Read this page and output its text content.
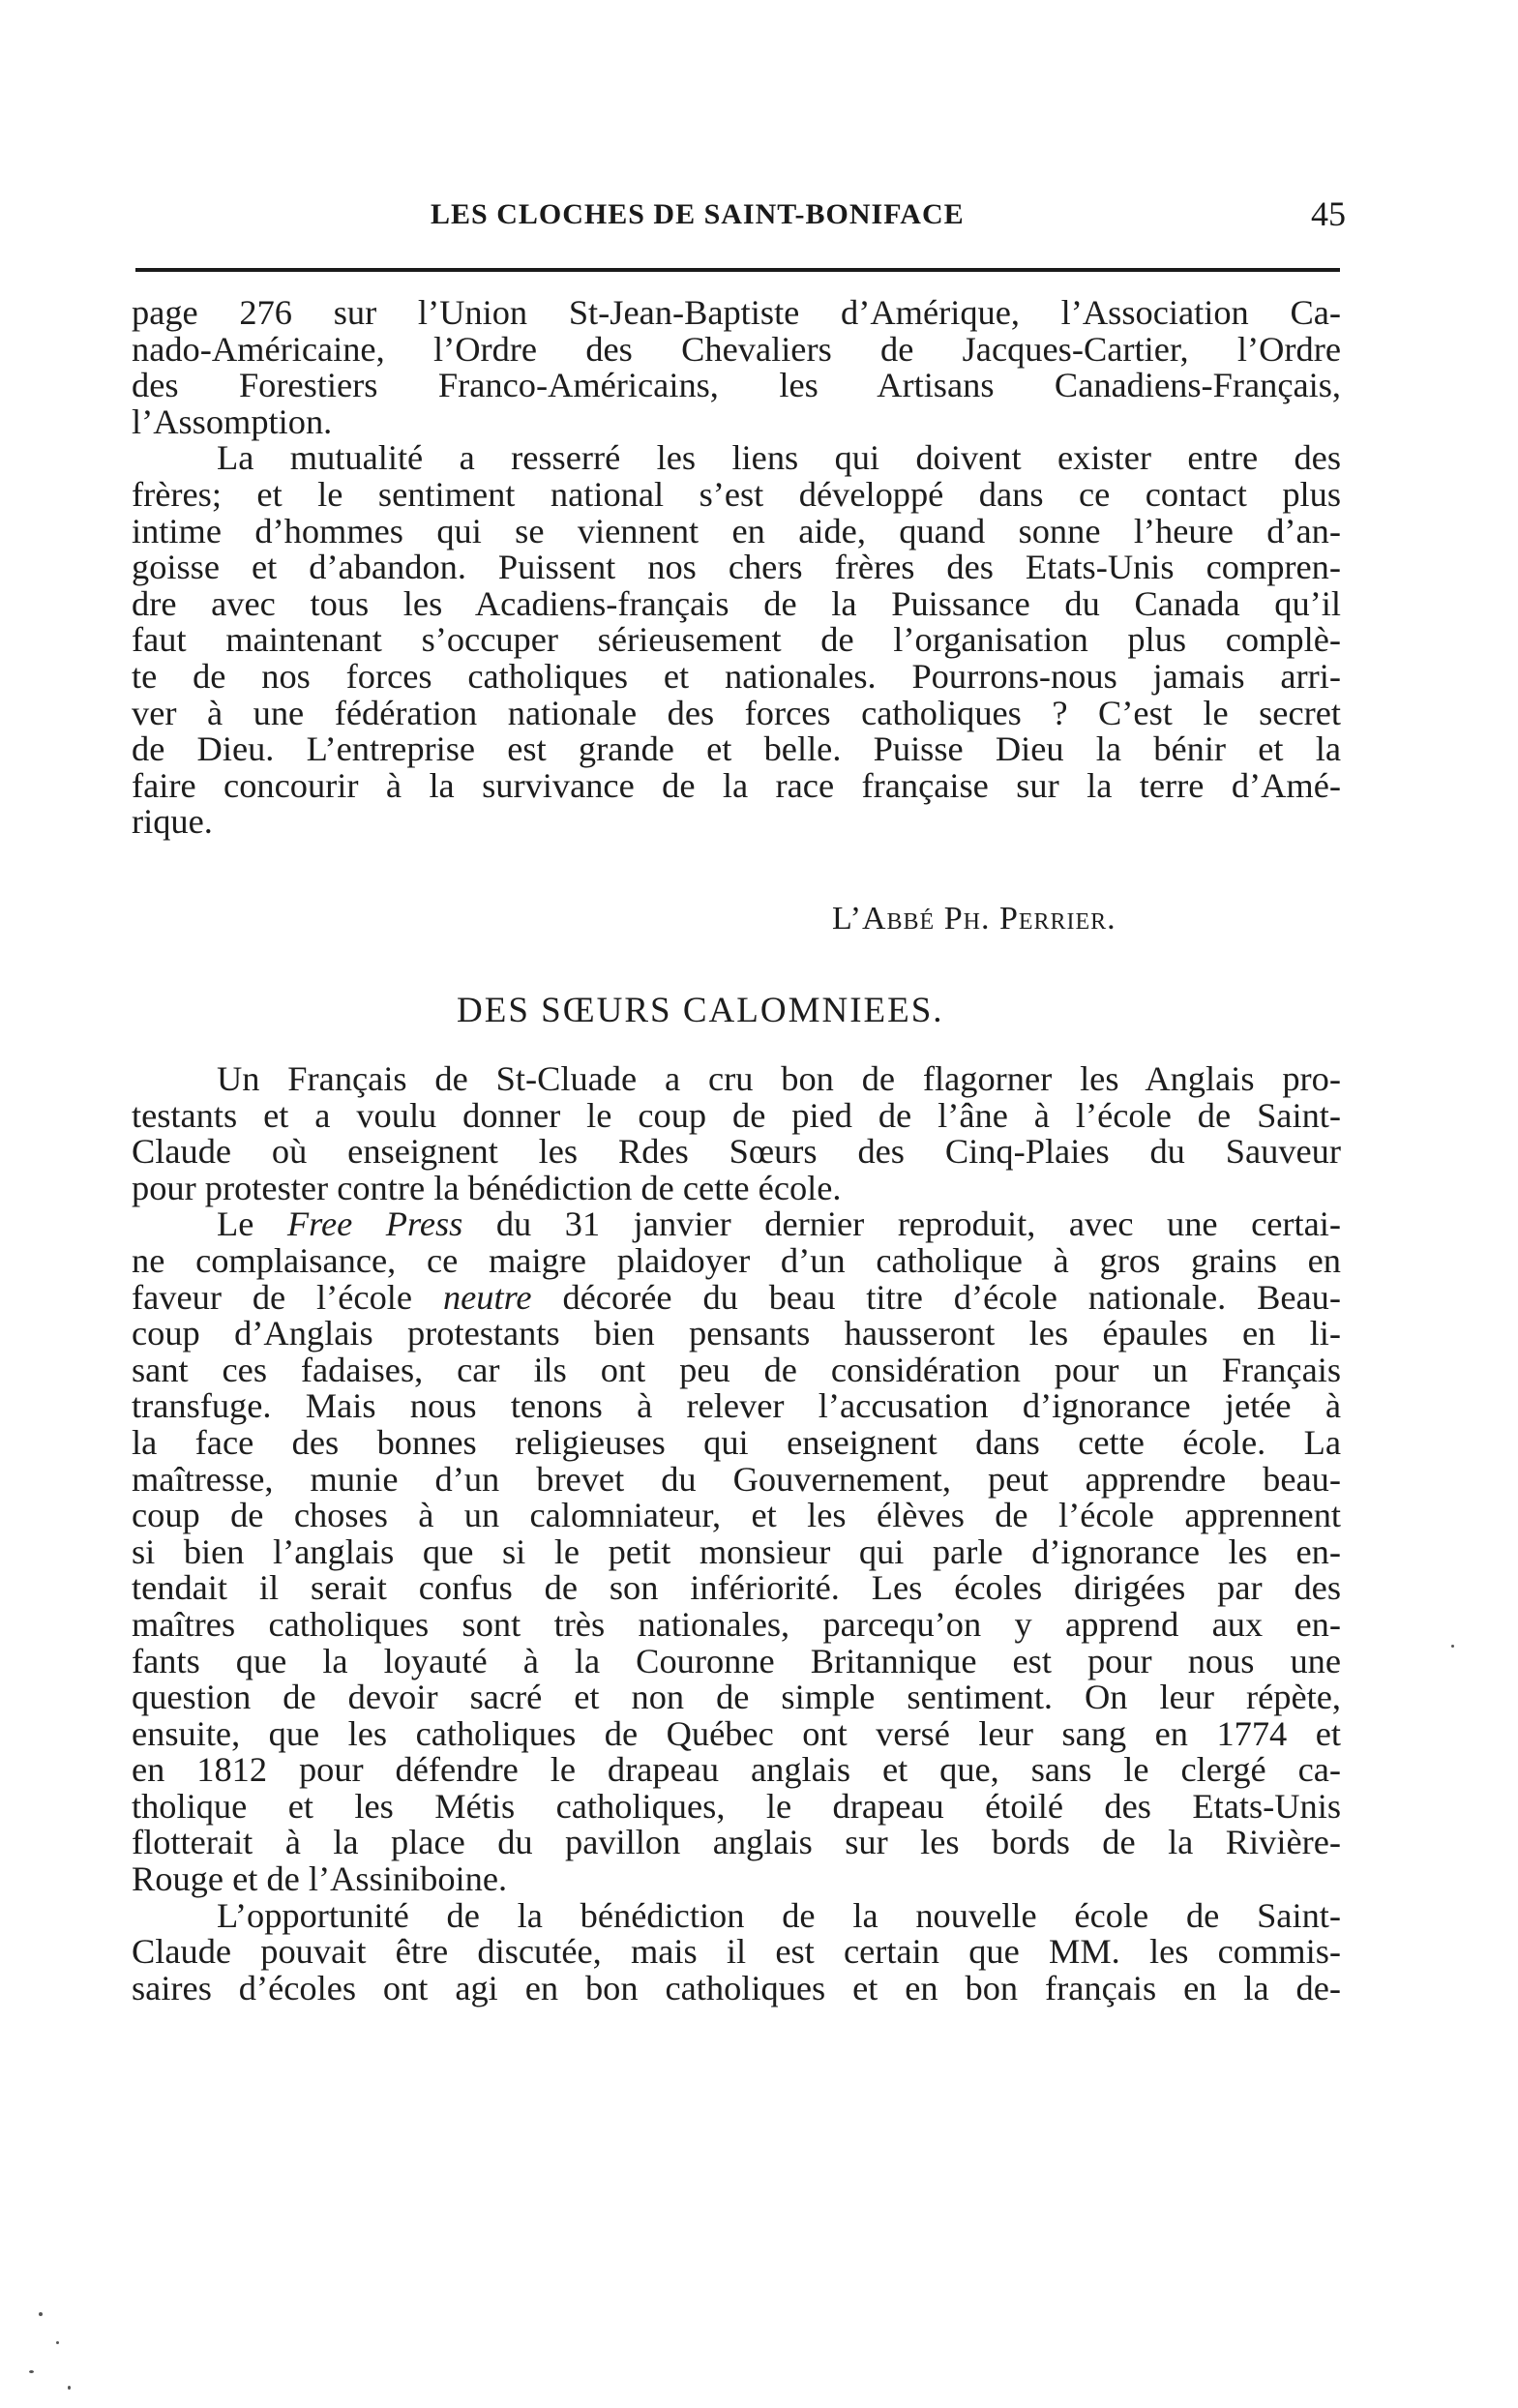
LES CLOCHES DE SAINT-BONIFACE	45
page 276 sur l’Union St-Jean-Baptiste d’Amérique, l’Association Ca-
nado-Américaine, l’Ordre des Chevaliers de Jacques-Cartier, l’Ordre
des Forestiers Franco-Américains, les Artisans Canadiens-Français,
l’Assomption.
La mutualité a resserré les liens qui doivent exister entre des
frères; et le sentiment national s’est développé dans ce contact plus
intime d’hommes qui se viennent en aide, quand sonne l’heure d’an-
goisse et d’abandon. Puissent nos chers frères des Etats-Unis compren-
dre avec tous les Acadiens-français de la Puissance du Canada qu’il
faut maintenant s’occuper sérieusement de l’organisation plus complè-
te de nos forces catholiques et nationales. Pourrons-nous jamais arri-
ver à une fédération nationale des forces catholiques ? C’est le secret
de Dieu. L’entreprise est grande et belle. Puisse Dieu la bénir et la
faire concourir à la survivance de la race française sur la terre d’Amé-
rique.
L’Abbé Ph. Perrier.
DES SŒURS CALOMNIEES.
Un Français de St-Cluade a cru bon de flagorner les Anglais pro-
testants et a voulu donner le coup de pied de l’âne à l’école de Saint-
Claude où enseignent les Rdes Sœurs des Cinq-Plaies du Sauveur
pour protester contre la bénédiction de cette école.
Le Free Press du 31 janvier dernier reproduit, avec une certai-
ne complaisance, ce maigre plaidoyer d’un catholique à gros grains en
faveur de l’école neutre décorée du beau titre d’école nationale. Beau-
coup d’Anglais protestants bien pensants hausseront les épaules en li-
sant ces fadaises, car ils ont peu de considération pour un Français
transfuge. Mais nous tenons à relever l’accusation d’ignorance jetée à
la face des bonnes religieuses qui enseignent dans cette école. La
maîtresse, munie d’un brevet du Gouvernement, peut apprendre beau-
coup de choses à un calomniateur, et les élèves de l’école apprennent
si bien l’anglais que si le petit monsieur qui parle d’ignorance les en-
tendait il serait confus de son infériorité. Les écoles dirigées par des
maîtres catholiques sont très nationales, parcequ’on y apprend aux en-
fants que la loyauté à la Couronne Britannique est pour nous une
question de devoir sacré et non de simple sentiment. On leur répète,
ensuite, que les catholiques de Québec ont versé leur sang en 1774 et
en 1812 pour défendre le drapeau anglais et que, sans le clergé ca-
tholique et les Métis catholiques, le drapeau étoilé des Etats-Unis
flotterait à la place du pavillon anglais sur les bords de la Rivière-
Rouge et de l’Assiniboine.
L’opportunité de la bénédiction de la nouvelle école de Saint-
Claude pouvait être discutée, mais il est certain que MM. les commis-
saires d’écoles ont agi en bon catholiques et en bon français en la de-
